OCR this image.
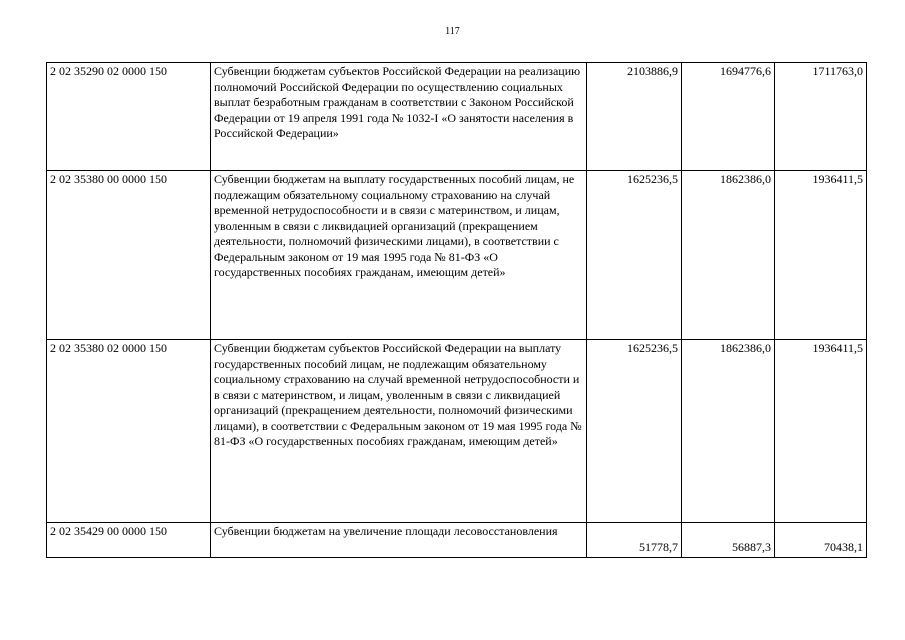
117
2 02 35290 02 0000 150	Субвенции бюджетам субъектов Российской Федерации на реализацию полномочий Российской Федерации по осуществлению социальных выплат безработным гражданам в соответствии с Законом Российской Федерации от 19 апреля 1991 года № 1032-I «О занятости населения в Российской Федерации»	2103886,9	1694776,6	1711763,0
2 02 35380 00 0000 150	Субвенции бюджетам на выплату государственных пособий лицам, не подлежащим обязательному социальному страхованию на случай временной нетрудоспособности и в связи с материнством, и лицам, уволенным в связи с ликвидацией организаций (прекращением деятельности, полномочий физическими лицами), в соответствии с Федеральным законом от 19 мая 1995 года № 81-ФЗ «О государственных пособиях гражданам, имеющим детей»	1625236,5	1862386,0	1936411,5
2 02 35380 02 0000 150	Субвенции бюджетам субъектов Российской Федерации на выплату государственных пособий лицам, не подлежащим обязательному социальному страхованию на случай временной нетрудоспособности и в связи с материнством, и лицам, уволенным в связи с ликвидацией организаций (прекращением деятельности, полномочий физическими лицами), в соответствии с Федеральным законом от 19 мая 1995 года № 81-ФЗ «О государственных пособиях гражданам, имеющим детей»	1625236,5	1862386,0	1936411,5
2 02 35429 00 0000 150	Субвенции бюджетам на увеличение площади лесовосстановления	51778,7	56887,3	70438,1
